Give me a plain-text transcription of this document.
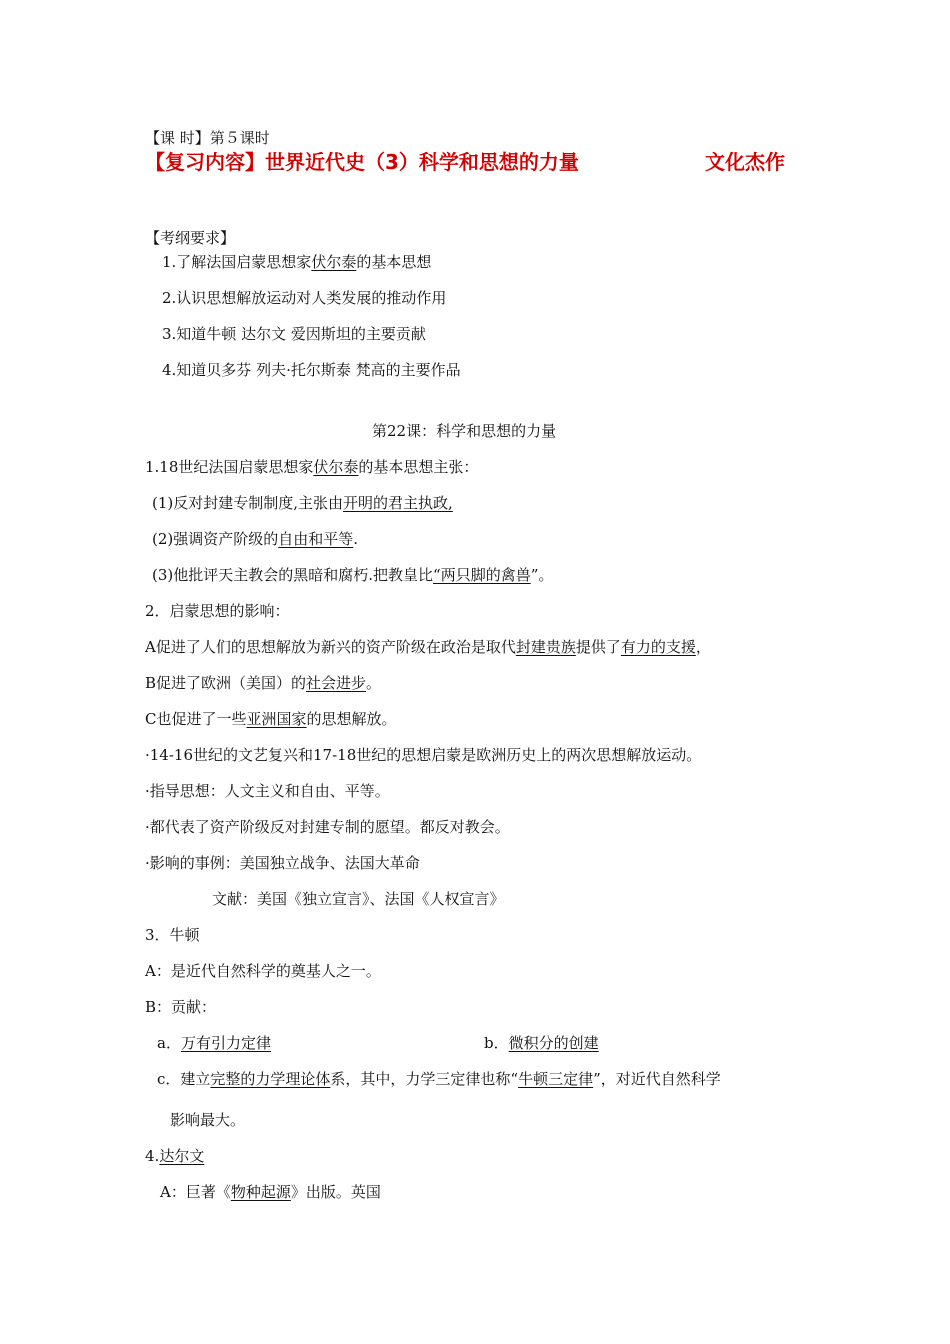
【课 时】第５课时
【复习内容】世界近代史（3）科学和思想的力量	文化杰作
【考纲要求】
1.了解法国启蒙思想家伏尔泰的基本思想
2.认识思想解放运动对人类发展的推动作用
3.知道牛顿 达尔文 爱因斯坦的主要贡献
4.知道贝多芬 列夫·托尔斯泰 梵高的主要作品
第22课：科学和思想的力量
1.18世纪法国启蒙思想家伏尔泰的基本思想主张：
(1)反对封建专制制度,主张由开明的君主执政,
(2)强调资产阶级的自由和平等.
(3)他批评天主教会的黑暗和腐朽.把教皇比“两只脚的禽兽”。
2．启蒙思想的影响：
A促进了人们的思想解放为新兴的资产阶级在政治是取代封建贵族提供了有力的支援，
B促进了欧洲（美国）的社会进步。
C也促进了一些亚洲国家的思想解放。
·14-16世纪的文艺复兴和17-18世纪的思想启蒙是欧洲历史上的两次思想解放运动。
·指导思想：人文主义和自由、平等。
·都代表了资产阶级反对封建专制的愿望。都反对教会。
·影响的事例：美国独立战争、法国大革命
文献：美国《独立宣言》、法国《人权宣言》
3．牛顿
A：是近代自然科学的奠基人之一。
B：贡献：
a．万有引力定律	b．微积分的创建
c．建立完整的力学理论体系，其中，力学三定律也称“牛顿三定律”，对近代自然科学
影响最大。
4.达尔文
A：巨著《物种起源》出版。英国
